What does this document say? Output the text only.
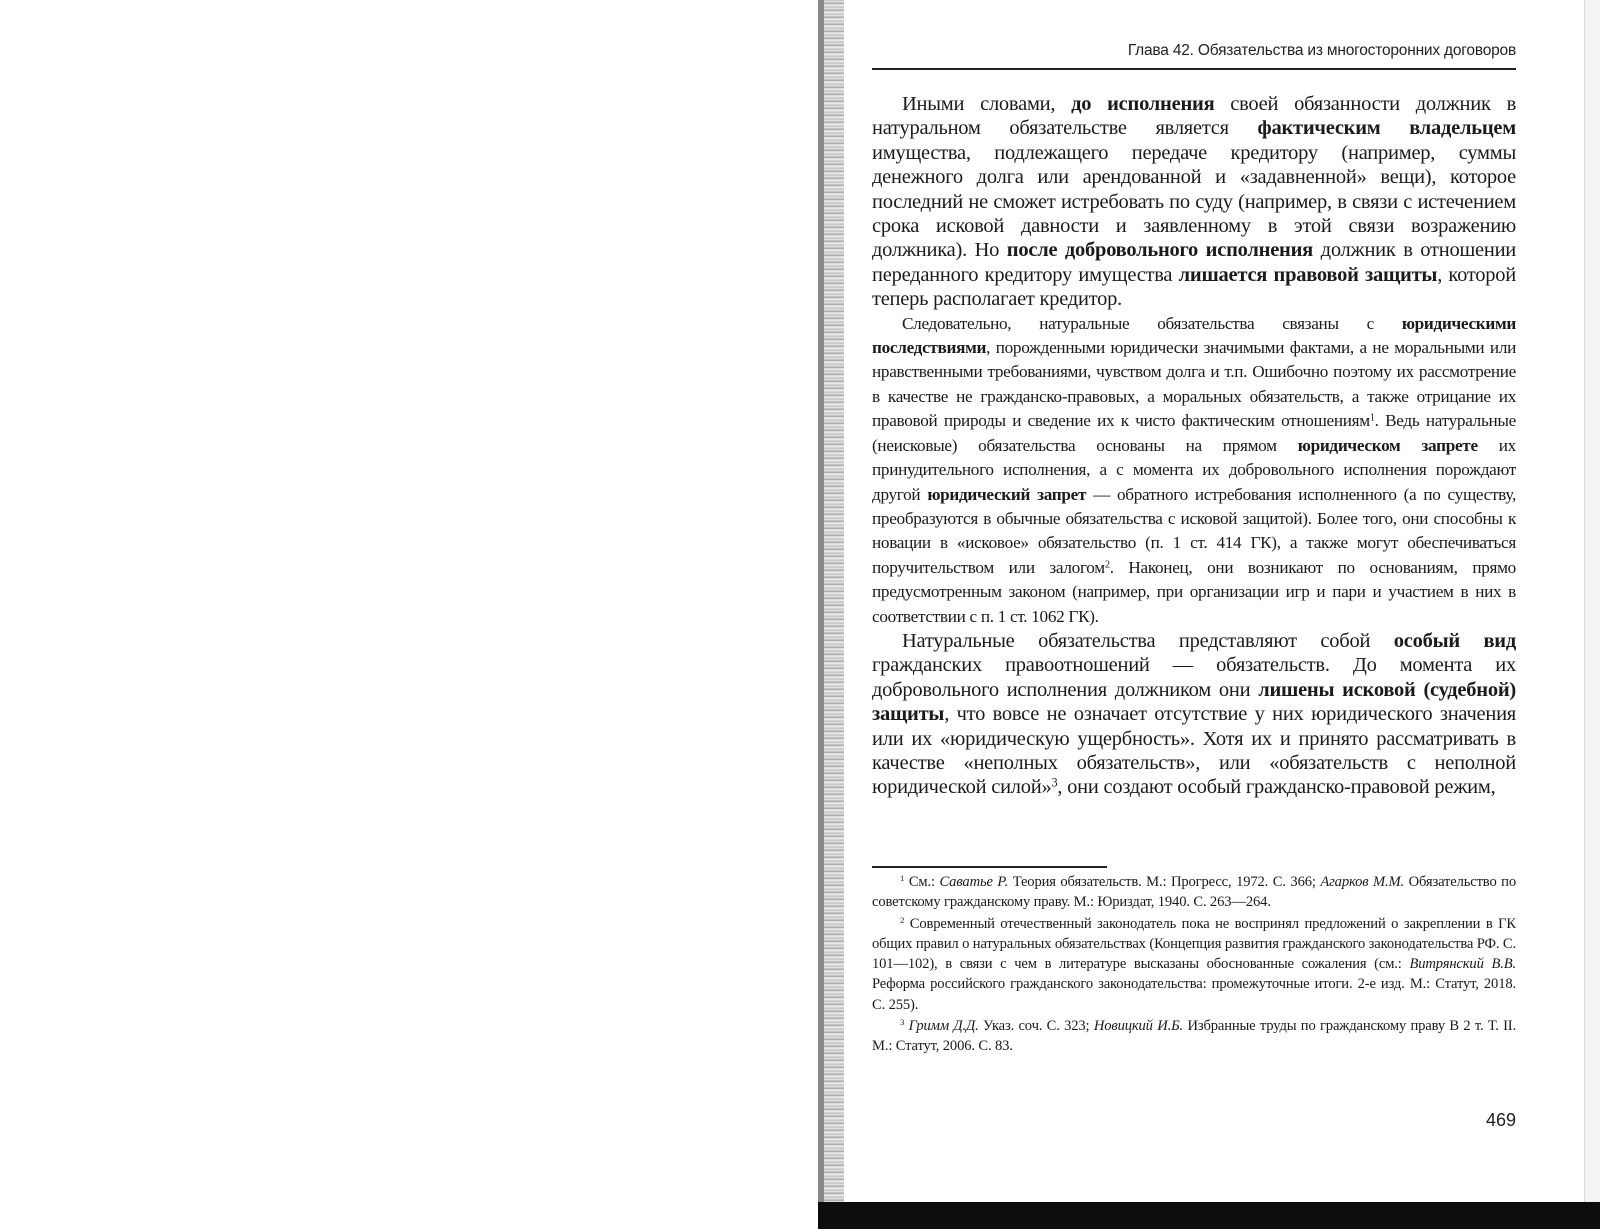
Глава 42. Обязательства из многосторонних договоров

Иными словами, до исполнения своей обязанности должник в натуральном обязательстве является фактическим владельцем имущества, подлежащего передаче кредитору (например, суммы денежного долга или арендованной и «задавненной» вещи), которое последний не сможет истребовать по суду (например, в связи с истечением срока исковой давности и заявленному в этой связи возражению должника). Но после добровольного исполнения должник в отношении переданного кредитору имущества лишается правовой защиты, которой теперь располагает кредитор.

Следовательно, натуральные обязательства связаны с юридическими последствиями, порожденными юридически значимыми фактами, а не моральными или нравственными требованиями, чувством долга и т.п. Ошибочно поэтому их рассмотрение в качестве не гражданско-правовых, а моральных обязательств, а также отрицание их правовой природы и сведение их к чисто фактическим отношениям$^1$. Ведь натуральные (неисковые) обязательства основаны на прямом юридическом запрете их принудительного исполнения, а с момента их добровольного исполнения порождают другой юридический запрет — обратного истребования исполненного (а по существу, преобразуются в обычные обязательства с исковой защитой). Более того, они способны к новации в «исковое» обязательство (п. 1 ст. 414 ГК), а также могут обеспечиваться поручительством или залогом$^2$. Наконец, они возникают по основаниям, прямо предусмотренным законом (например, при организации игр и пари и участием в них в соответствии с п. 1 ст. 1062 ГК).

Натуральные обязательства представляют собой особый вид гражданских правоотношений — обязательств. До момента их добровольного исполнения должником они лишены исковой (судебной) защиты, что вовсе не означает отсутствие у них юридического значения или их «юридическую ущербность». Хотя их и принято рассматривать в качестве «неполных обязательств», или «обязательств с неполной юридической силой»$^3$, они создают особый гражданско-правовой режим,

$^1$ См.: Саватье Р. Теория обязательств. М.: Прогресс, 1972. С. 366; Агарков М.М. Обязательство по советскому гражданскому праву. М.: Юриздат, 1940. С. 263—264.

$^2$ Современный отечественный законодатель пока не воспринял предложений о закреплении в ГК общих правил о натуральных обязательствах (Концепция развития гражданского законодательства РФ. С. 101—102), в связи с чем в литературе высказаны обоснованные сожаления (см.: Витрянский В.В. Реформа российского гражданского законодательства: промежуточные итоги. 2-е изд. М.: Статут, 2018. С. 255).

$^3$ Гримм Д.Д. Указ. соч. С. 323; Новицкий И.Б. Избранные труды по гражданскому праву В 2 т. Т. II. М.: Статут, 2006. С. 83.

469
